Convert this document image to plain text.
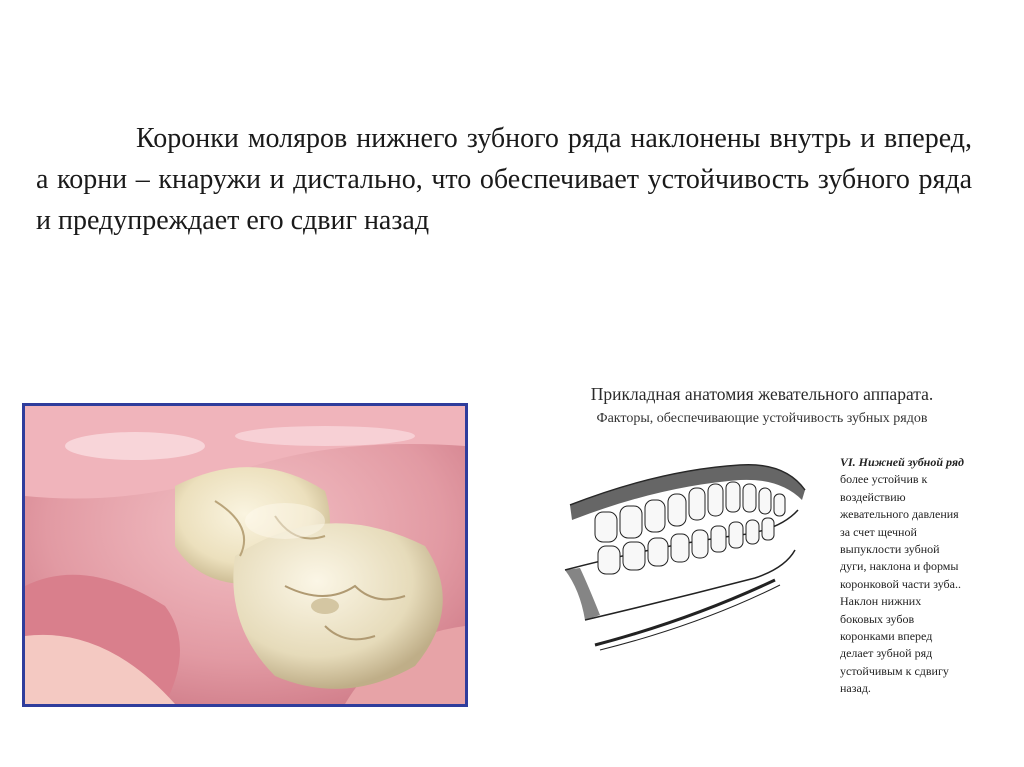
Коронки моляров нижнего зубного ряда наклонены внутрь и вперед, а корни – кнаружи и дистально, что обеспечивает устойчивость зубного ряда и предупреждает его сдвиг назад

Прикладная анатомия жевательного аппарата.

Факторы, обеспечивающие устойчивость зубных рядов

VI. Нижней зубной ряд
более устойчив к
воздействию
жевательного давления
за счет щечной
выпуклости зубной
дуги, наклона и формы
коронковой части зуба..
Наклон нижних
боковых зубов
коронками вперед
делает зубной ряд
устойчивым к сдвигу
назад.
